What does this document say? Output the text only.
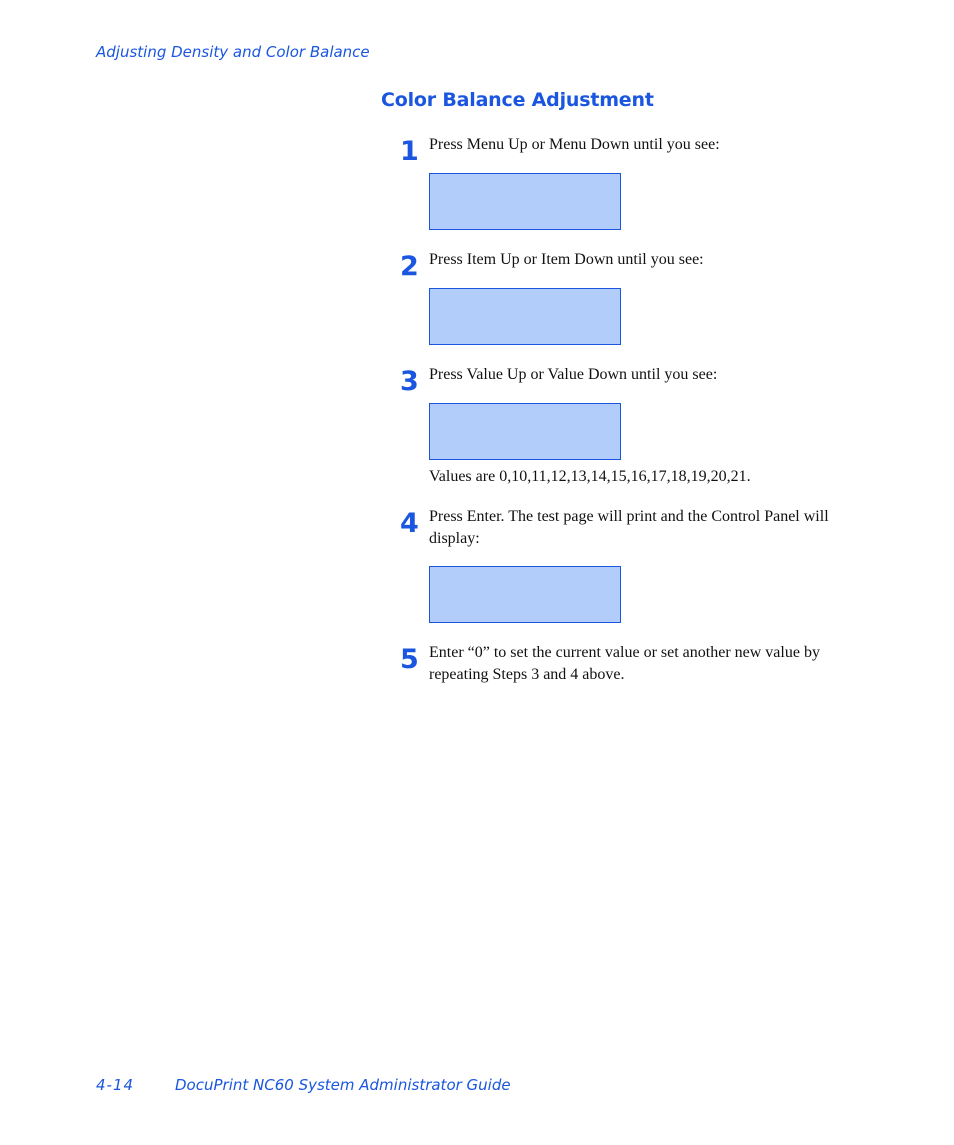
Adjusting Density and Color Balance
Color Balance Adjustment
1 Press Menu Up or Menu Down until you see:
2 Press Item Up or Item Down until you see:
3 Press Value Up or Value Down until you see:
Values are 0,10,11,12,13,14,15,16,17,18,19,20,21.
4 Press Enter. The test page will print and the Control Panel will display:
5 Enter “0” to set the current value or set another new value by repeating Steps 3 and 4 above.
4-14	DocuPrint NC60 System Administrator Guide
